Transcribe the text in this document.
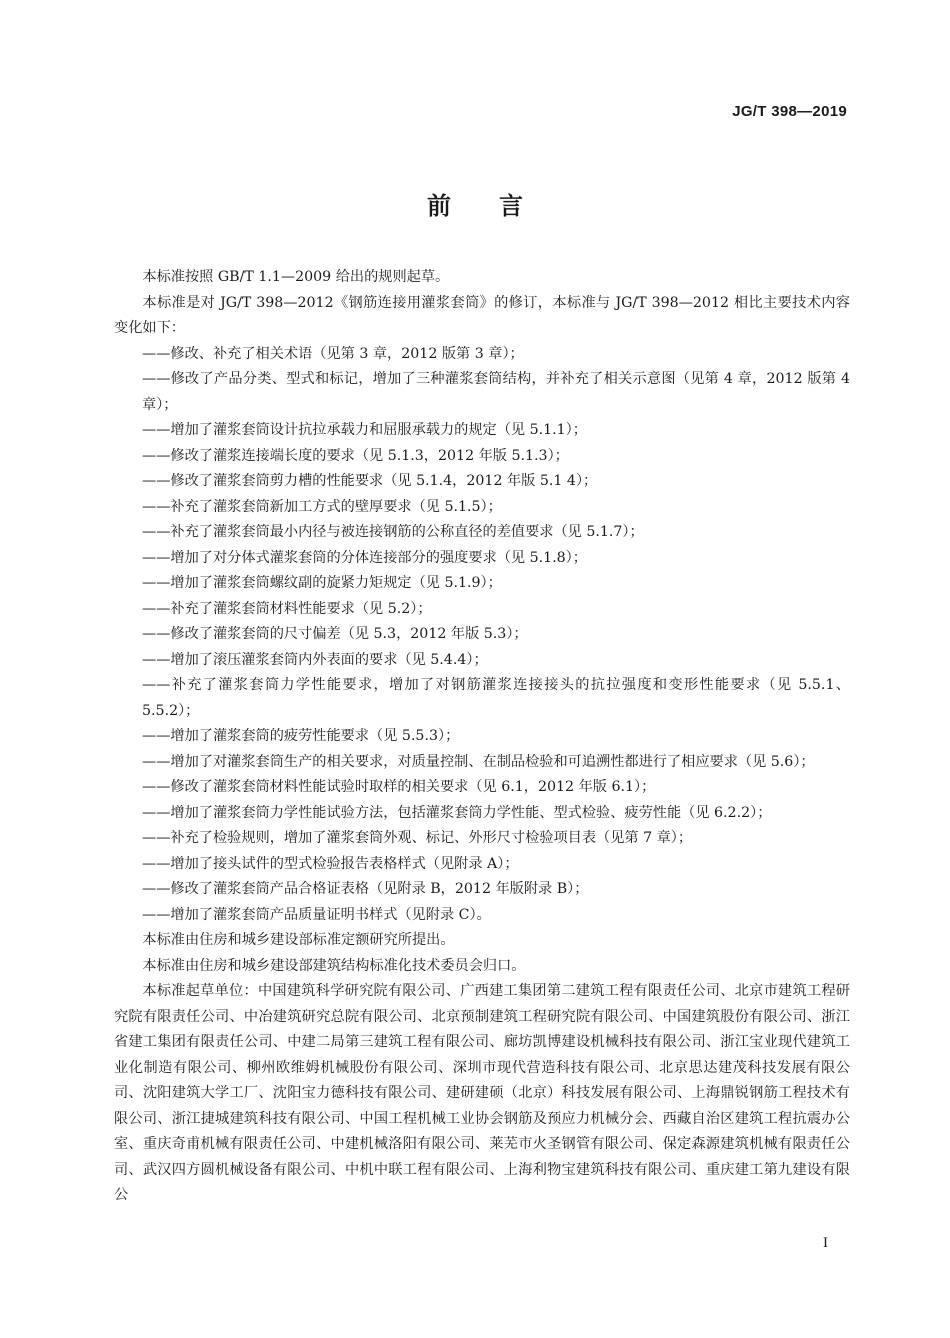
JG/T 398—2019
前 言

本标准按照 GB/T 1.1—2009 给出的规则起草。

本标准是对 JG/T 398—2012《钢筋连接用灌浆套筒》的修订，本标准与 JG/T 398—2012 相比主要技术内容变化如下：

——修改、补充了相关术语（见第 3 章，2012 版第 3 章）；

——修改了产品分类、型式和标记，增加了三种灌浆套筒结构，并补充了相关示意图（见第 4 章，2012 版第 4 章）；

——增加了灌浆套筒设计抗拉承载力和屈服承载力的规定（见 5.1.1）；

——修改了灌浆连接端长度的要求（见 5.1.3，2012 年版 5.1.3）；

——修改了灌浆套筒剪力槽的性能要求（见 5.1.4，2012 年版 5.1 4）；

——补充了灌浆套筒新加工方式的壁厚要求（见 5.1.5）；

——补充了灌浆套筒最小内径与被连接钢筋的公称直径的差值要求（见 5.1.7）；

——增加了对分体式灌浆套筒的分体连接部分的强度要求（见 5.1.8）；

——增加了灌浆套筒螺纹副的旋紧力矩规定（见 5.1.9）；

——补充了灌浆套筒材料性能要求（见 5.2）；

——修改了灌浆套筒的尺寸偏差（见 5.3，2012 年版 5.3）；

——增加了滚压灌浆套筒内外表面的要求（见 5.4.4）；

——补充了灌浆套筒力学性能要求，增加了对钢筋灌浆连接接头的抗拉强度和变形性能要求（见 5.5.1、5.5.2）；

——增加了灌浆套筒的疲劳性能要求（见 5.5.3）；

——增加了对灌浆套筒生产的相关要求，对质量控制、在制品检验和可追溯性都进行了相应要求（见 5.6）；

——修改了灌浆套筒材料性能试验时取样的相关要求（见 6.1，2012 年版 6.1）；

——增加了灌浆套筒力学性能试验方法，包括灌浆套筒力学性能、型式检验、疲劳性能（见 6.2.2）；

——补充了检验规则，增加了灌浆套筒外观、标记、外形尺寸检验项目表（见第 7 章）；

——增加了接头试件的型式检验报告表格样式（见附录 A）；

——修改了灌浆套筒产品合格证表格（见附录 B，2012 年版附录 B）；

——增加了灌浆套筒产品质量证明书样式（见附录 C）。

本标准由住房和城乡建设部标准定额研究所提出。

本标准由住房和城乡建设部建筑结构标准化技术委员会归口。

本标准起草单位：中国建筑科学研究院有限公司、广西建工集团第二建筑工程有限责任公司、北京市建筑工程研究院有限责任公司、中冶建筑研究总院有限公司、北京预制建筑工程研究院有限公司、中国建筑股份有限公司、浙江省建工集团有限责任公司、中建二局第三建筑工程有限公司、廊坊凯博建设机械科技有限公司、浙江宝业现代建筑工业化制造有限公司、柳州欧维姆机械股份有限公司、深圳市现代营造科技有限公司、北京思达建茂科技发展有限公司、沈阳建筑大学工厂、沈阳宝力德科技有限公司、建研建硕（北京）科技发展有限公司、上海鼎锐钢筋工程技术有限公司、浙江捷城建筑科技有限公司、中国工程机械工业协会钢筋及预应力机械分会、西藏自治区建筑工程抗震办公室、重庆奇甫机械有限责任公司、中建机械洛阳有限公司、莱芜市火圣钢管有限公司、保定森源建筑机械有限责任公司、武汉四方圆机械设备有限公司、中机中联工程有限公司、上海利物宝建筑科技有限公司、重庆建工第九建设有限公

I
